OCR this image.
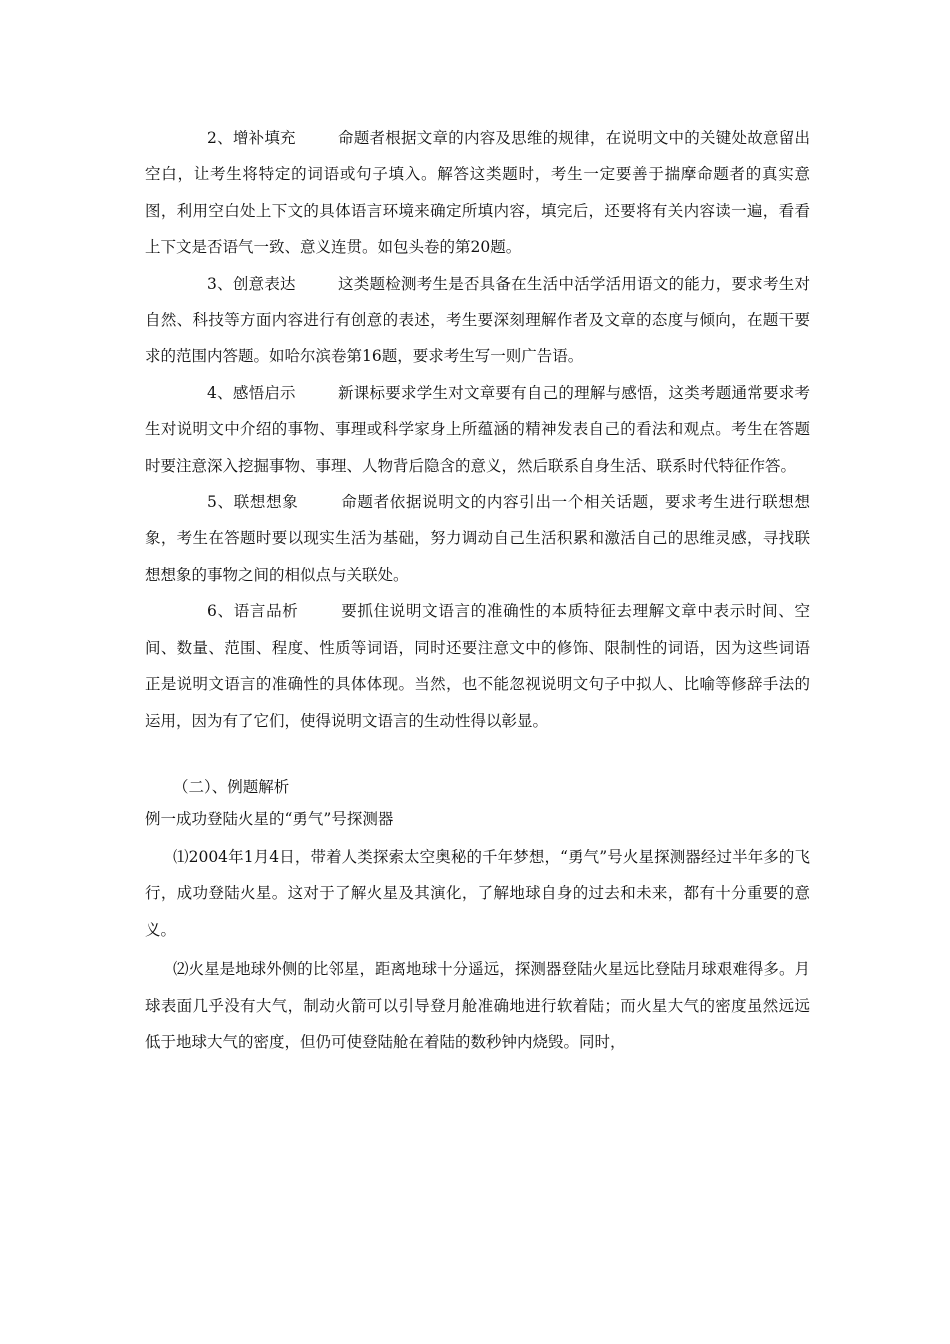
2、增补填充	命题者根据文章的内容及思维的规律，在说明文中的关键处故意留出空白，让考生将特定的词语或句子填入。解答这类题时，考生一定要善于揣摩命题者的真实意图，利用空白处上下文的具体语言环境来确定所填内容，填完后，还要将有关内容读一遍，看看上下文是否语气一致、意义连贯。如包头卷的第20题。

3、创意表达	这类题检测考生是否具备在生活中活学活用语文的能力，要求考生对自然、科技等方面内容进行有创意的表述，考生要深刻理解作者及文章的态度与倾向，在题干要求的范围内答题。如哈尔滨卷第16题，要求考生写一则广告语。

4、感悟启示	新课标要求学生对文章要有自己的理解与感悟，这类考题通常要求考生对说明文中介绍的事物、事理或科学家身上所蕴涵的精神发表自己的看法和观点。考生在答题时要注意深入挖掘事物、事理、人物背后隐含的意义，然后联系自身生活、联系时代特征作答。

5、联想想象	命题者依据说明文的内容引出一个相关话题，要求考生进行联想想象，考生在答题时要以现实生活为基础，努力调动自己生活积累和激活自己的思维灵感，寻找联想想象的事物之间的相似点与关联处。

6、语言品析	要抓住说明文语言的准确性的本质特征去理解文章中表示时间、空间、数量、范围、程度、性质等词语，同时还要注意文中的修饰、限制性的词语，因为这些词语正是说明文语言的准确性的具体体现。当然，也不能忽视说明文句子中拟人、比喻等修辞手法的运用，因为有了它们，使得说明文语言的生动性得以彰显。

（二）、例题解析

例一成功登陆火星的“勇气”号探测器

⑴2004年1月4日，带着人类探索太空奥秘的千年梦想，“勇气”号火星探测器经过半年多的飞行，成功登陆火星。这对于了解火星及其演化，了解地球自身的过去和未来，都有十分重要的意义。

⑵火星是地球外侧的比邻星，距离地球十分遥远，探测器登陆火星远比登陆月球艰难得多。月球表面几乎没有大气，制动火箭可以引导登月舱准确地进行软着陆；而火星大气的密度虽然远远低于地球大气的密度，但仍可使登陆舱在着陆的数秒钟内烧毁。同时，
